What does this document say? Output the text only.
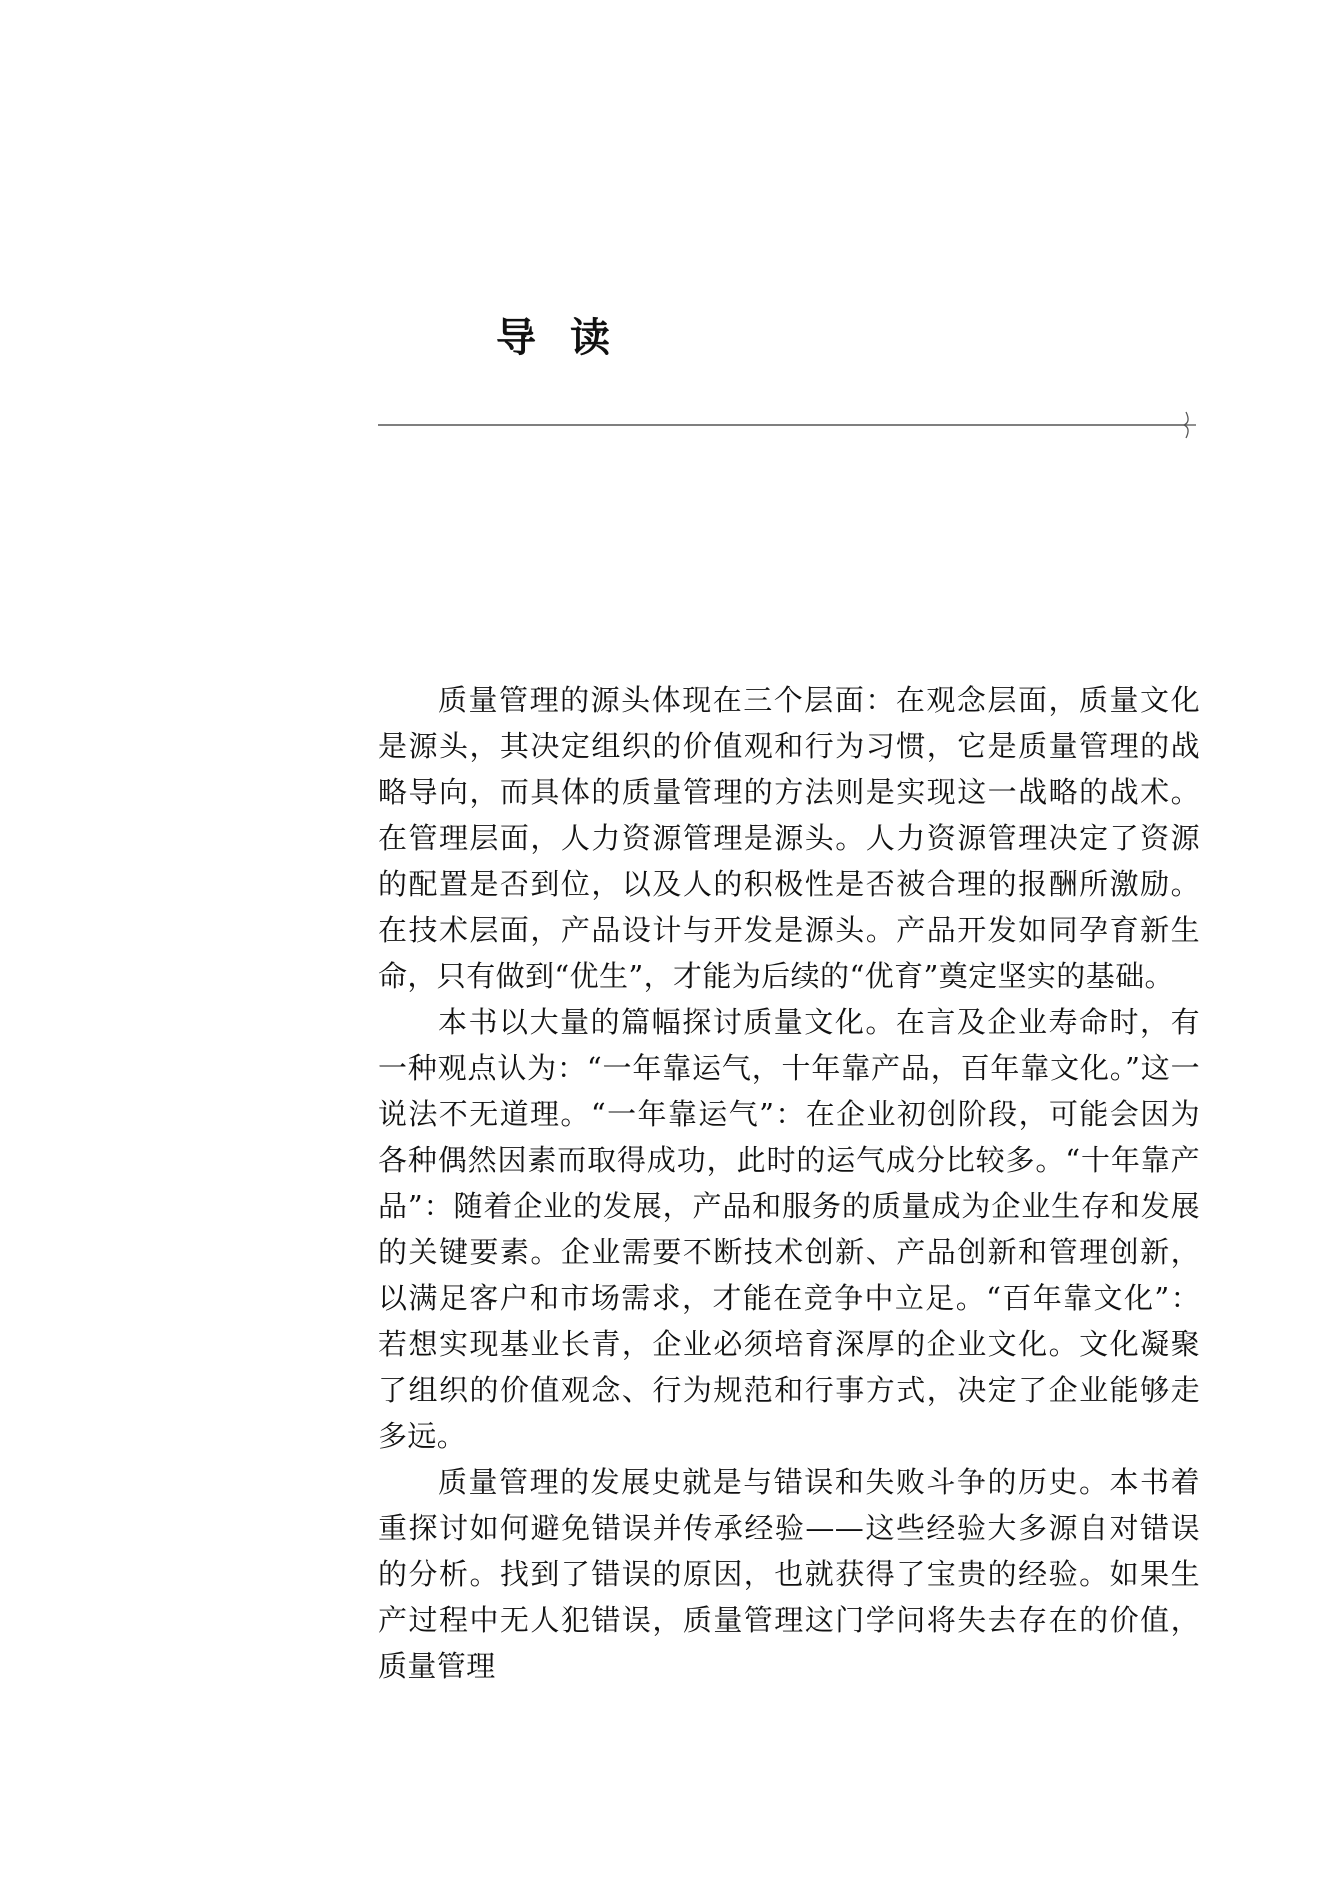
导读

质量管理的源头体现在三个层面：在观念层面，质量文化是源头，其决定组织的价值观和行为习惯，它是质量管理的战略导向，而具体的质量管理的方法则是实现这一战略的战术。在管理层面，人力资源管理是源头。人力资源管理决定了资源的配置是否到位，以及人的积极性是否被合理的报酬所激励。在技术层面，产品设计与开发是源头。产品开发如同孕育新生命，只有做到“优生”，才能为后续的“优育”奠定坚实的基础。

本书以大量的篇幅探讨质量文化。在言及企业寿命时，有一种观点认为：“一年靠运气，十年靠产品，百年靠文化。”这一说法不无道理。“一年靠运气”：在企业初创阶段，可能会因为各种偶然因素而取得成功，此时的运气成分比较多。“十年靠产品”：随着企业的发展，产品和服务的质量成为企业生存和发展的关键要素。企业需要不断技术创新、产品创新和管理创新，以满足客户和市场需求，才能在竞争中立足。“百年靠文化”：若想实现基业长青，企业必须培育深厚的企业文化。文化凝聚了组织的价值观念、行为规范和行事方式，决定了企业能够走多远。

质量管理的发展史就是与错误和失败斗争的历史。本书着重探讨如何避免错误并传承经验——这些经验大多源自对错误的分析。找到了错误的原因，也就获得了宝贵的经验。如果生产过程中无人犯错误，质量管理这门学问将失去存在的价值，质量管理
